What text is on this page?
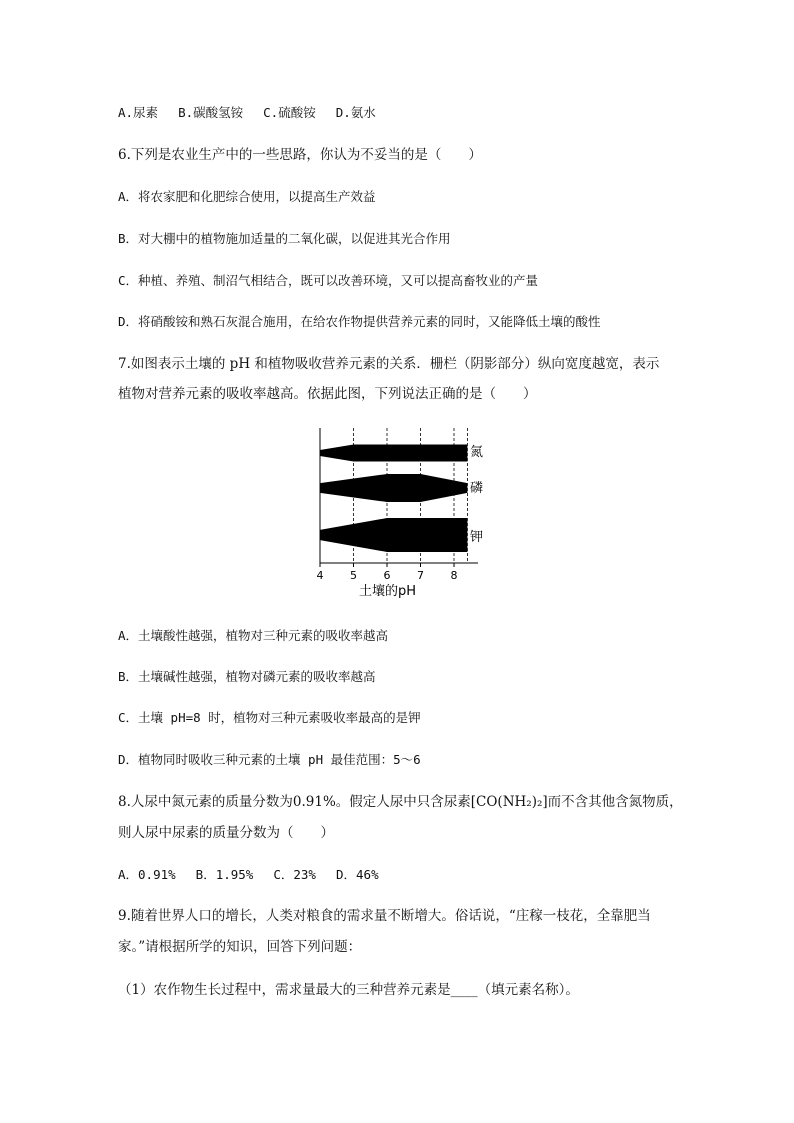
A.尿素　 B.碳酸氢铵　 C.硫酸铵　 D.氨水
6.下列是农业生产中的一些思路，你认为不妥当的是（　　）
A．将农家肥和化肥综合使用，以提高生产效益
B．对大棚中的植物施加适量的二氧化碳，以促进其光合作用
C．种植、养殖、制沼气相结合，既可以改善环境，又可以提高畜牧业的产量
D．将硝酸铵和熟石灰混合施用，在给农作物提供营养元素的同时，又能降低土壤的酸性
7.如图表示土壤的 pH 和植物吸收营养元素的关系．栅栏（阴影部分）纵向宽度越宽，表示
植物对营养元素的吸收率越高。依据此图，下列说法正确的是（　　）
4 5 6 7 8
氮
磷
钾
土壤的pH
A．土壤酸性越强，植物对三种元素的吸收率越高
B．土壤碱性越强，植物对磷元素的吸收率越高
C．土壤 pH=8 时，植物对三种元素吸收率最高的是钾
D．植物同时吸收三种元素的土壤 pH 最佳范围：5～6
8.人尿中氮元素的质量分数为0.91%。假定人尿中只含尿素[CO(NH₂)₂]而不含其他含氮物质，
则人尿中尿素的质量分数为（　　）
A．0.91%　 B．1.95%　 C．23%　 D．46%
9.随着世界人口的增长，人类对粮食的需求量不断增大。俗话说，“庄稼一枝花，全靠肥当
家。”请根据所学的知识，回答下列问题：
（1）农作物生长过程中，需求量最大的三种营养元素是____（填元素名称）。
